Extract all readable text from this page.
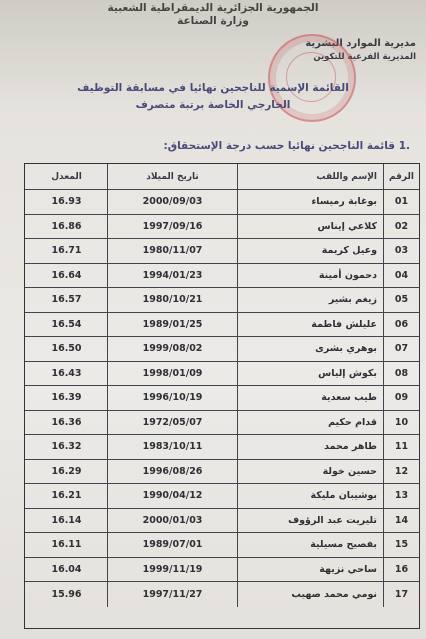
الجمهورية الجزائرية الديمقراطية الشعبية
وزارة الصناعة
مديرية الموارد البشرية
المديرية الفرعية للتكوين
القائمة الإسمية للناجحين نهائيا في مسابقة التوظيف
الخارجي الخاصة برتبة متصرف
.1 قائمة الناجحين نهائيا حسب درجة الإستحقاق:
الرقم
الإسم واللقب
تاريخ الميلاد
المعدل
01
بوغابة رميساء
2000/09/03
16.93
02
كلاعي إيناس
1997/09/16
16.86
03
وعيل كريمة
1980/11/07
16.71
04
دحمون أمينة
1994/01/23
16.64
05
زيغم بشير
1980/10/21
16.57
06
عليلش فاطمة
1989/01/25
16.54
07
بوهري بشرى
1999/08/02
16.50
08
بكوش إلياس
1998/01/09
16.43
09
طيب سعدية
1996/10/19
16.39
10
قدام حكيم
1972/05/07
16.36
11
طاهر محمد
1983/10/11
16.32
12
حسين خولة
1996/08/26
16.29
13
بوشيبان مليكة
1990/04/12
16.21
14
تليريت عبد الرؤوف
2000/01/03
16.14
15
بفصيح مسيلية
1989/07/01
16.11
16
ساحي نزيهة
1999/11/19
16.04
17
نومي محمد صهيب
1997/11/27
15.96
